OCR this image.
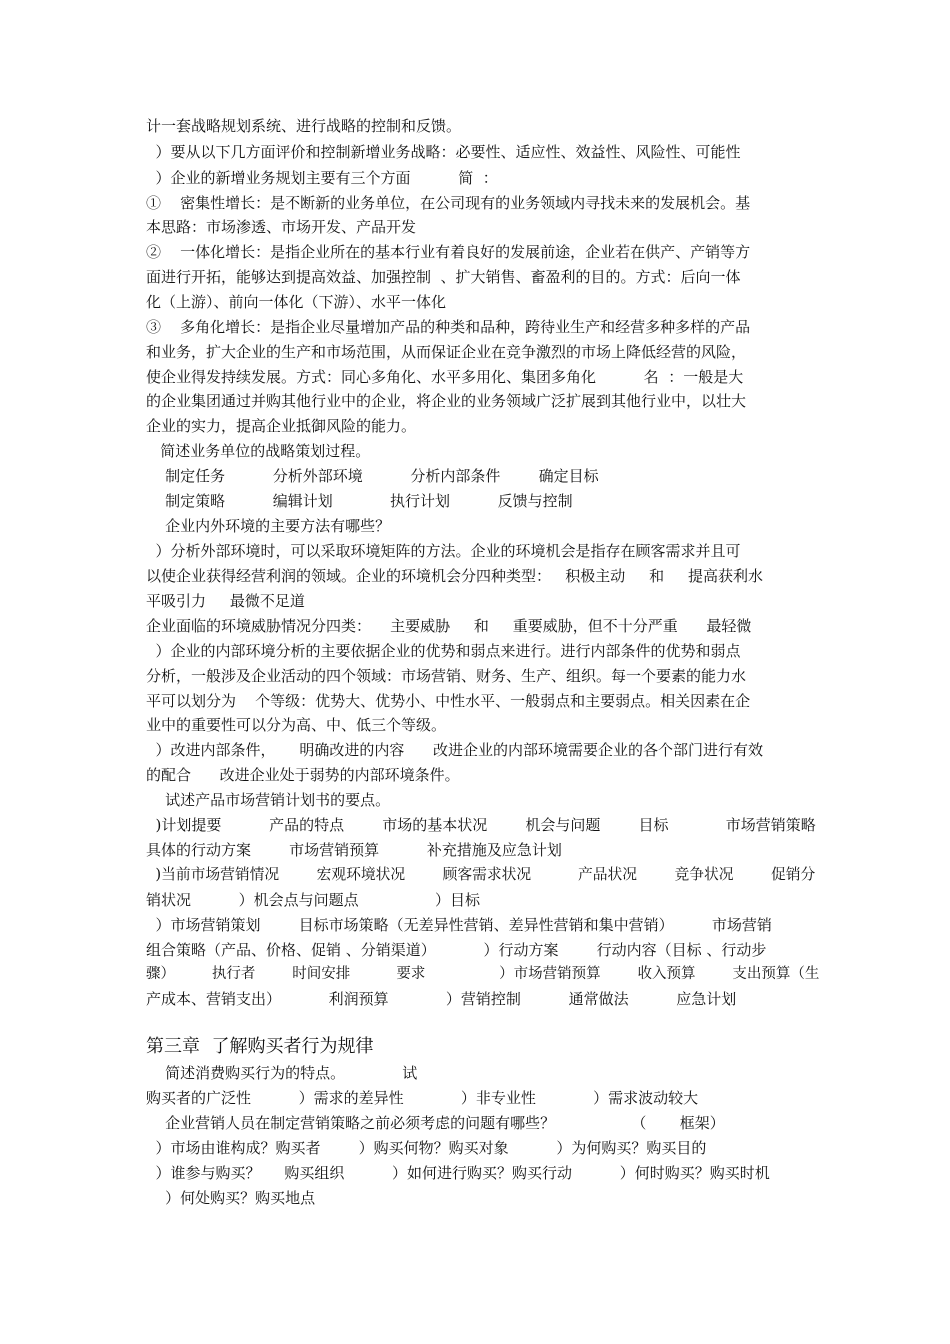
计一套战略规划系统、进行战略的控制和反馈。
）要从以下几方面评价和控制新增业务战略：必要性、适应性、效益性、风险性、可能性
）企业的新增业务规划主要有三个方面          简  ：
①    密集性增长：是不断新的业务单位，在公司现有的业务领域内寻找未来的发展机会。基
本思路：市场渗透、市场开发、产品开发
②    一体化增长：是指企业所在的基本行业有着良好的发展前途，企业若在供产、产销等方
面进行开拓，能够达到提高效益、加强控制  、扩大销售、畜盈利的目的。方式：后向一体
化（上游）、前向一体化（下游）、水平一体化
③    多角化增长：是指企业尽量增加产品的种类和品种，跨待业生产和经营多种多样的产品
和业务，扩大企业的生产和市场范围，从而保证企业在竞争激烈的市场上降低经营的风险，
使企业得发持续发展。方式：同心多角化、水平多用化、集团多角化          名  ：一般是大
的企业集团通过并购其他行业中的企业，将企业的业务领域广泛扩展到其他行业中，以壮大
企业的实力，提高企业抵御风险的能力。
简述业务单位的战略策划过程。
制定任务          分析外部环境          分析内部条件        确定目标
制定策略          编辑计划            执行计划          反馈与控制
企业内外环境的主要方法有哪些？
）分析外部环境时，可以采取环境矩阵的方法。企业的环境机会是指存在顾客需求并且可
以使企业获得经营利润的领域。企业的环境机会分四种类型：   积极主动     和     提高获利水
平吸引力     最微不足道
企业面临的环境威胁情况分四类：    主要威胁     和     重要威胁，但不十分严重      最轻微
）企业的内部环境分析的主要依据企业的优势和弱点来进行。进行内部条件的优势和弱点
分析，一般涉及企业活动的四个领域：市场营销、财务、生产、组织。每一个要素的能力水
平可以划分为    个等级：优势大、优势小、中性水平、一般弱点和主要弱点。相关因素在企
业中的重要性可以分为高、中、低三个等级。
）改进内部条件，     明确改进的内容      改进企业的内部环境需要企业的各个部门进行有效
的配合      改进企业处于弱势的内部环境条件。
试述产品市场营销计划书的要点。
)计划提要          产品的特点        市场的基本状况        机会与问题        目标            市场营销策略
具体的行动方案        市场营销预算          补充措施及应急计划
)当前市场营销情况        宏观环境状况        顾客需求状况          产品状况        竞争状况        促销分
销状况          ）机会点与问题点                ）目标
）市场营销策划        目标市场策略（无差异性营销、差异性营销和集中营销）        市场营销
组合策略（产品、价格、促销 、分销渠道）          ）行动方案        行动内容（目标 、行动步
骤）        执行者        时间安排          要求                ）市场营销预算        收入预算        支出预算（生
产成本、营销支出）          利润预算            ）营销控制          通常做法          应急计划
第三章  了解购买者行为规律
简述消费购买行为的特点。            试
购买者的广泛性          ）需求的差异性            ）非专业性            ）需求波动较大
企业营销人员在制定营销策略之前必须考虑的问题有哪些？                （       框架）
）市场由谁构成？购买者        ）购买何物？购买对象          ）为何购买？购买目的
）谁参与购买？     购买组织          ）如何进行购买？购买行动          ）何时购买？购买时机
）何处购买？购买地点
